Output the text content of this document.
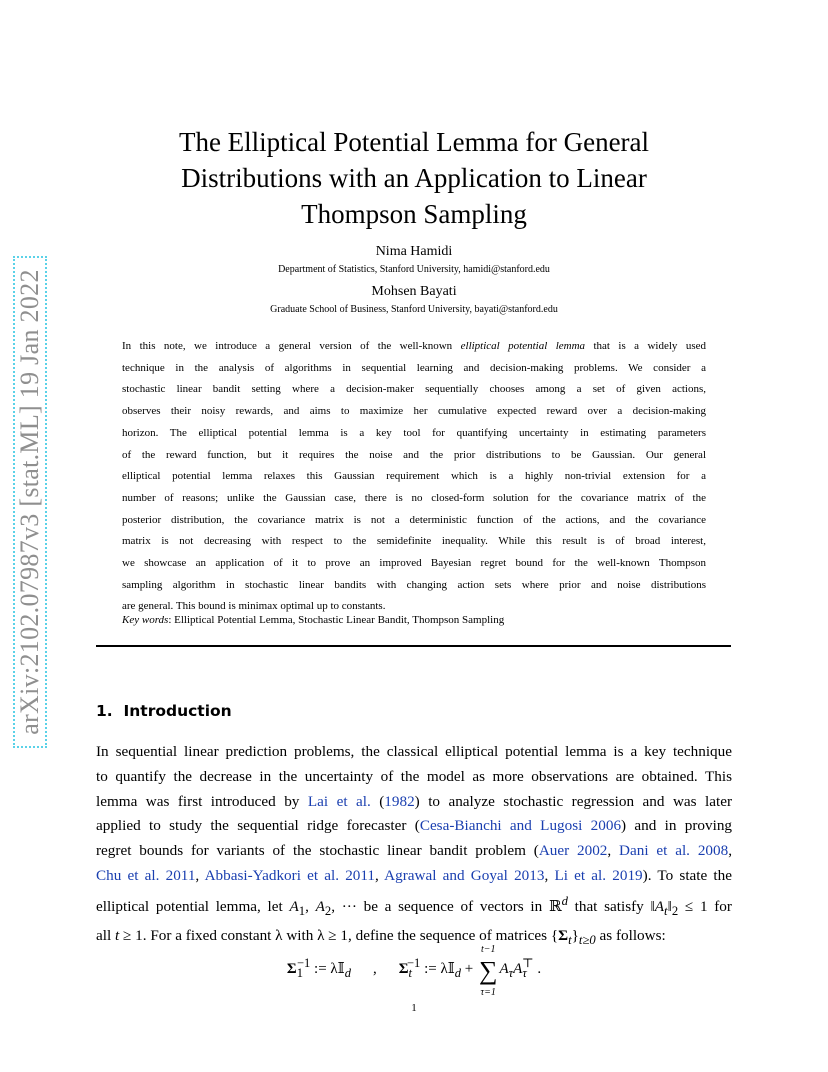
arXiv:2102.07987v3 [stat.ML] 19 Jan 2022
The Elliptical Potential Lemma for General
Distributions with an Application to Linear
Thompson Sampling
Nima Hamidi
Department of Statistics, Stanford University, hamidi@stanford.edu
Mohsen Bayati
Graduate School of Business, Stanford University, bayati@stanford.edu
In this note, we introduce a general version of the well-known elliptical potential lemma that is a widely used
technique in the analysis of algorithms in sequential learning and decision-making problems. We consider a
stochastic linear bandit setting where a decision-maker sequentially chooses among a set of given actions,
observes their noisy rewards, and aims to maximize her cumulative expected reward over a decision-making
horizon. The elliptical potential lemma is a key tool for quantifying uncertainty in estimating parameters
of the reward function, but it requires the noise and the prior distributions to be Gaussian. Our general
elliptical potential lemma relaxes this Gaussian requirement which is a highly non-trivial extension for a
number of reasons; unlike the Gaussian case, there is no closed-form solution for the covariance matrix of the
posterior distribution, the covariance matrix is not a deterministic function of the actions, and the covariance
matrix is not decreasing with respect to the semidefinite inequality. While this result is of broad interest,
we showcase an application of it to prove an improved Bayesian regret bound for the well-known Thompson
sampling algorithm in stochastic linear bandits with changing action sets where prior and noise distributions
are general. This bound is minimax optimal up to constants.
Key words: Elliptical Potential Lemma, Stochastic Linear Bandit, Thompson Sampling
1. Introduction
In sequential linear prediction problems, the classical elliptical potential lemma is a key technique
to quantify the decrease in the uncertainty of the model as more observations are obtained. This
lemma was first introduced by Lai et al. (1982) to analyze stochastic regression and was later
applied to study the sequential ridge forecaster (Cesa-Bianchi and Lugosi 2006) and in proving
regret bounds for variants of the stochastic linear bandit problem (Auer 2002, Dani et al. 2008,
Chu et al. 2011, Abbasi-Yadkori et al. 2011, Agrawal and Goyal 2013, Li et al. 2019). To state the
elliptical potential lemma, let $A_1$, $A_2$, ··· be a sequence of vectors in ℝ$^d$ that satisfy $‖A_t‖_2 \le 1$ for
all t ≥ 1. For a fixed constant λ with λ ≥ 1, define the sequence of matrices $\{\Sigma_t\}_{t\ge 0}$ as follows:
$\Sigma_1^{-1}$ := λ𝕀$_d$ , $\Sigma_t^{-1}$ := λ𝕀$_d$ +
t−1
∑
τ=1
$A_\tau A_\tau^⊤$ .
1
